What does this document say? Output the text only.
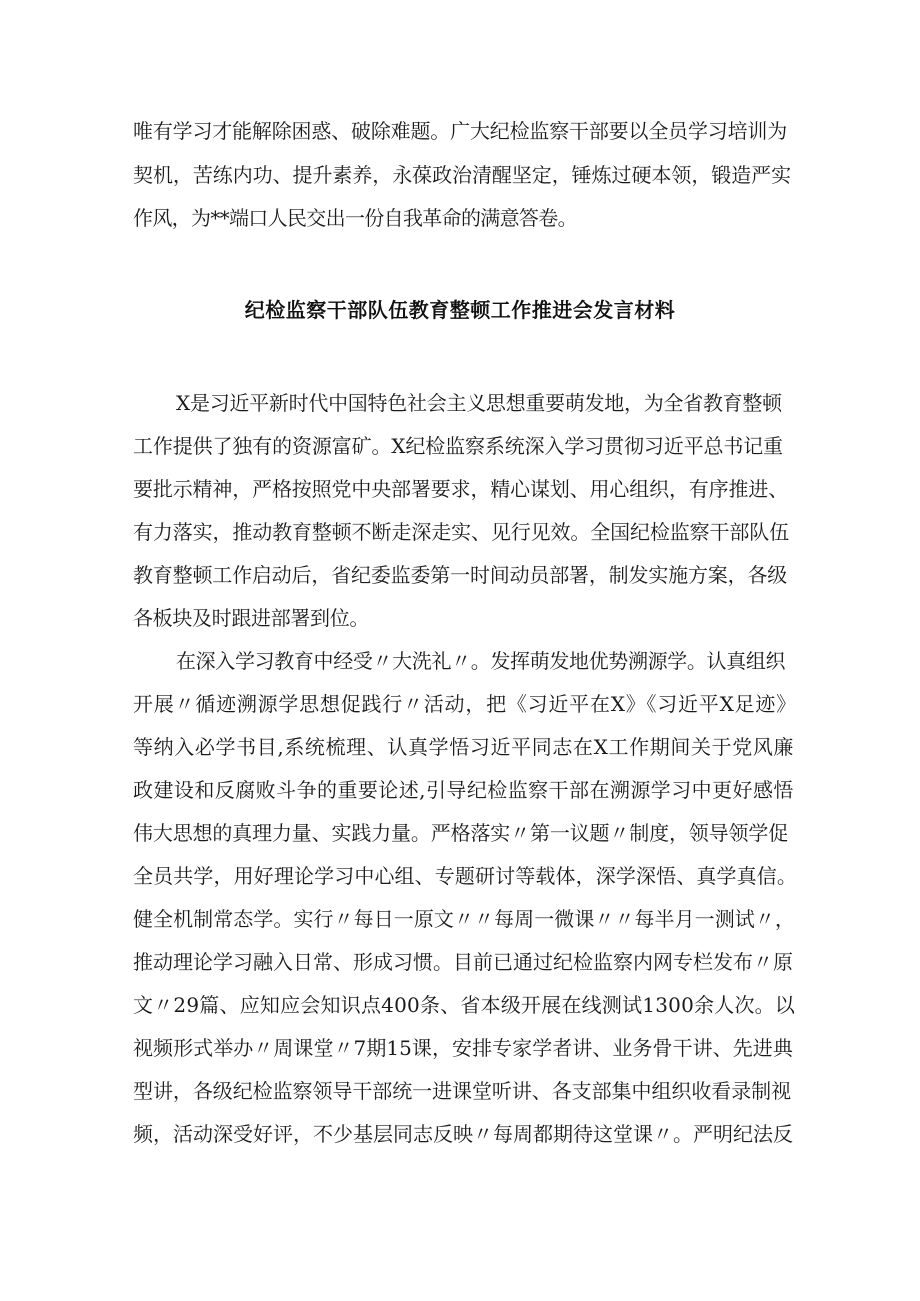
唯有学习才能解除困惑、破除难题。广大纪检监察干部要以全员学习培训为
契机，苦练内功、提升素养，永葆政治清醒坚定，锤炼过硬本领，锻造严实
作风，为**端口人民交出一份自我革命的满意答卷。
纪检监察干部队伍教育整顿工作推进会发言材料
X是习近平新时代中国特色社会主义思想重要萌发地，为全省教育整顿
工作提供了独有的资源富矿。X纪检监察系统深入学习贯彻习近平总书记重
要批示精神，严格按照党中央部署要求，精心谋划、用心组织，有序推进、
有力落实，推动教育整顿不断走深走实、见行见效。全国纪检监察干部队伍
教育整顿工作启动后，省纪委监委第一时间动员部署，制发实施方案，各级
各板块及时跟进部署到位。
在深入学习教育中经受〃大洗礼〃。发挥萌发地优势溯源学。认真组织
开展〃循迹溯源学思想促践行〃活动，把《习近平在X》《习近平X足迹》
等纳入必学书目,系统梳理、认真学悟习近平同志在X工作期间关于党风廉
政建设和反腐败斗争的重要论述,引导纪检监察干部在溯源学习中更好感悟
伟大思想的真理力量、实践力量。严格落实〃第一议题〃制度，领导领学促
全员共学，用好理论学习中心组、专题研讨等载体，深学深悟、真学真信。
健全机制常态学。实行〃每日一原文〃〃每周一微课〃〃每半月一测试〃，
推动理论学习融入日常、形成习惯。目前已通过纪检监察内网专栏发布〃原
文〃29篇、应知应会知识点400条、省本级开展在线测试1300余人次。以
视频形式举办〃周课堂〃7期15课，安排专家学者讲、业务骨干讲、先进典
型讲，各级纪检监察领导干部统一进课堂听讲、各支部集中组织收看录制视
频，活动深受好评，不少基层同志反映〃每周都期待这堂课〃。严明纪法反
